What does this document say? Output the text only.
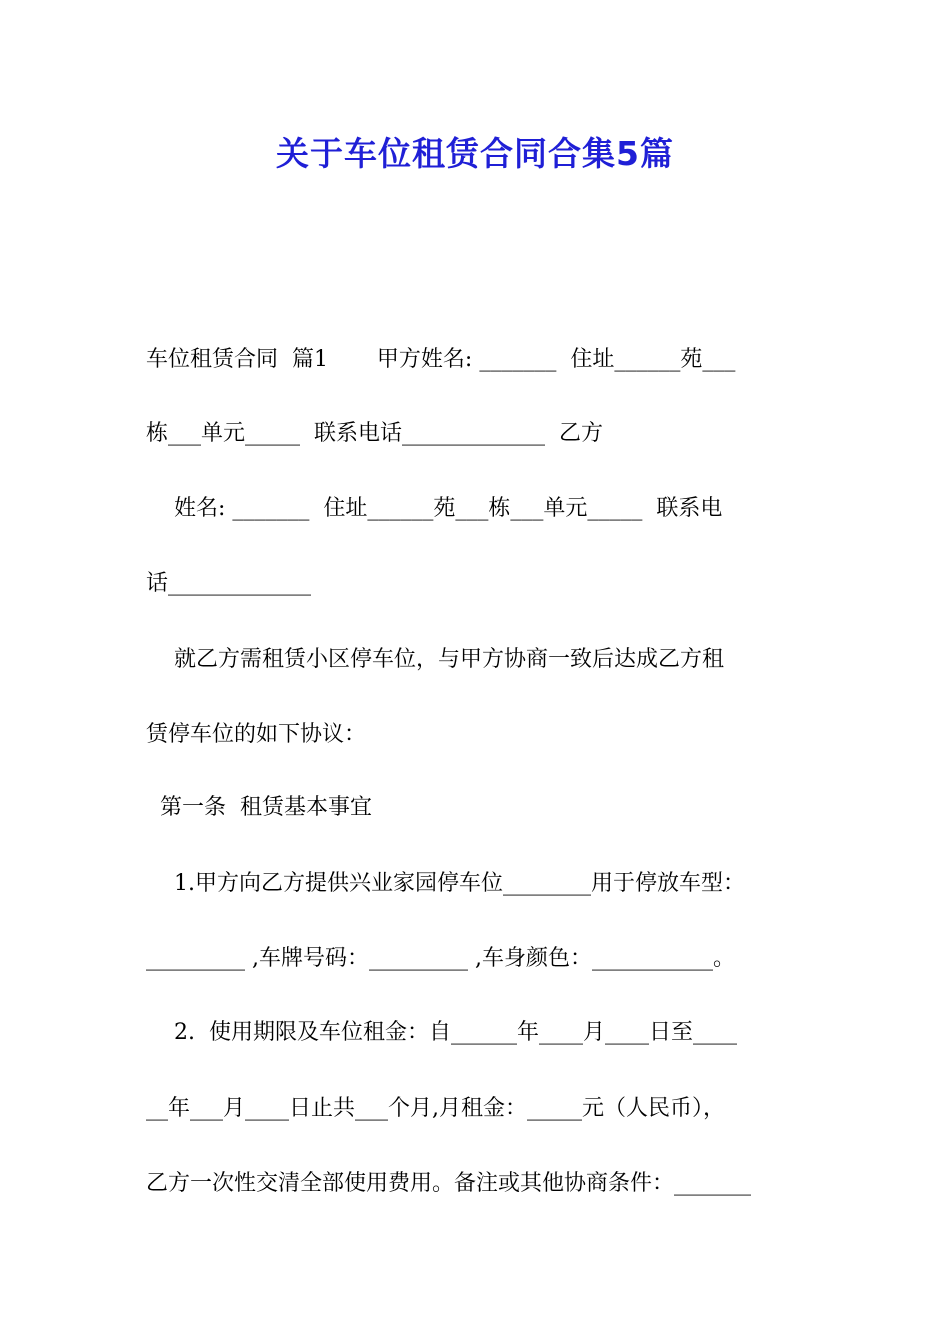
关于车位租赁合同合集5篇
车位租赁合同  篇1       甲方姓名: _______  住址______苑___
栋___单元_____  联系电话_____________  乙方
姓名: _______  住址______苑___栋___单元_____  联系电
话_____________
就乙方需租赁小区停车位，与甲方协商一致后达成乙方租
赁停车位的如下协议：
第一条  租赁基本事宜
1.甲方向乙方提供兴业家园停车位________用于停放车型：
_________ ,车牌号码：_________ ,车身颜色：___________。
2.  使用期限及车位租金：自______年____月____日至____
__年___月____日止共___个月,月租金：_____元（人民币），
乙方一次性交清全部使用费用。备注或其他协商条件：_______
